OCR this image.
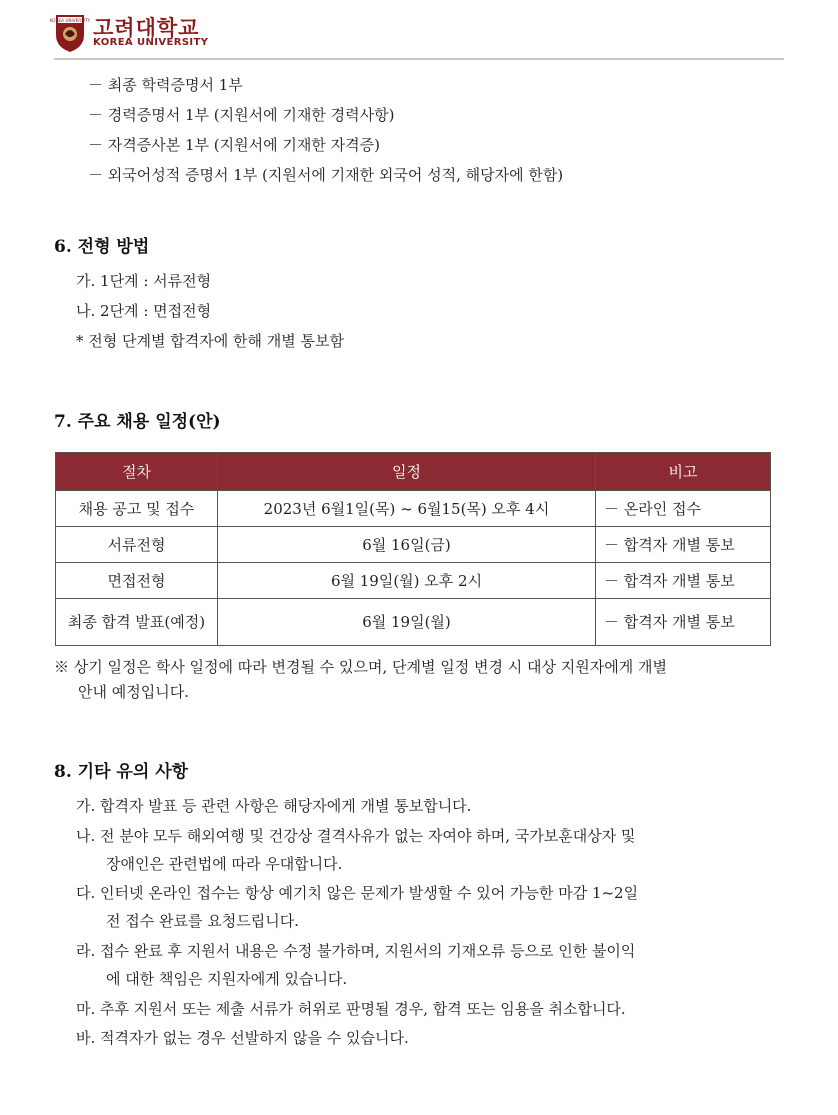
KOREA UNIVERSITY 고려대학교
KOREA UNIVERSITY
－ 최종 학력증명서 1부
－ 경력증명서 1부 (지원서에 기재한 경력사항)
－ 자격증사본 1부 (지원서에 기재한 자격증)
－ 외국어성적 증명서 1부 (지원서에 기재한 외국어 성적, 해당자에 한함)
6. 전형 방법
가. 1단계 : 서류전형
나. 2단계 : 면접전형
* 전형 단계별 합격자에 한해 개별 통보함
7. 주요 채용 일정(안)
절차	일정	비고
채용 공고 및 접수	2023년 6월1일(목) ~ 6월15(목) 오후 4시	－ 온라인 접수
서류전형	6월 16일(금)	－ 합격자 개별 통보
면접전형	6월 19일(월) 오후 2시	－ 합격자 개별 통보
최종 합격 발표(예정)	6월 19일(월)	－ 합격자 개별 통보
※ 상기 일정은 학사 일정에 따라 변경될 수 있으며, 단계별 일정 변경 시 대상 지원자에게 개별
안내 예정입니다.
8. 기타 유의 사항
가. 합격자 발표 등 관련 사항은 해당자에게 개별 통보합니다.
나. 전 분야 모두 해외여행 및 건강상 결격사유가 없는 자여야 하며, 국가보훈대상자 및
장애인은 관련법에 따라 우대합니다.
다. 인터넷 온라인 접수는 항상 예기치 않은 문제가 발생할 수 있어 가능한 마감 1~2일
전 접수 완료를 요청드립니다.
라. 접수 완료 후 지원서 내용은 수정 불가하며, 지원서의 기재오류 등으로 인한 불이익
에 대한 책임은 지원자에게 있습니다.
마. 추후 지원서 또는 제출 서류가 허위로 판명될 경우, 합격 또는 임용을 취소합니다.
바. 적격자가 없는 경우 선발하지 않을 수 있습니다.
